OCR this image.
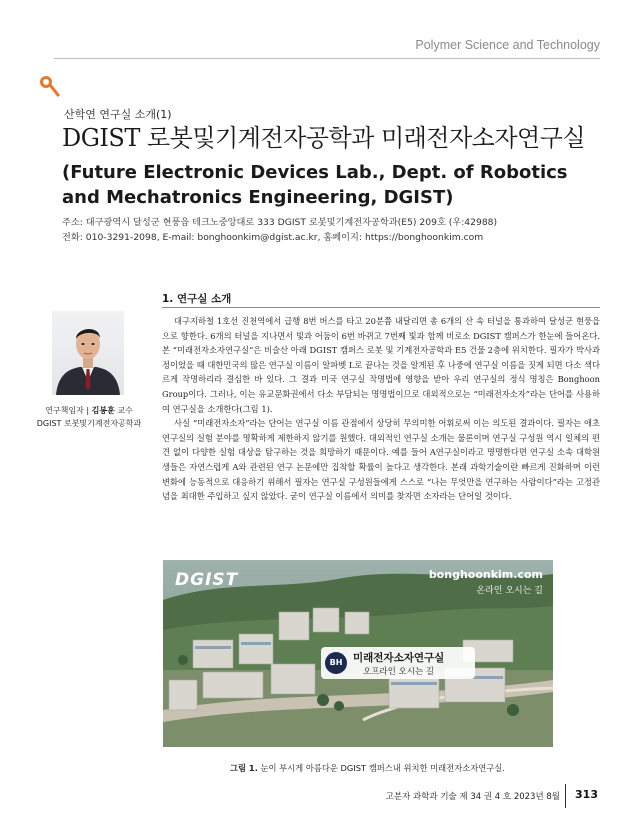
Polymer Science and Technology
산학연 연구실 소개(1)
DGIST 로봇및기계전자공학과 미래전자소자연구실
(Future Electronic Devices Lab., Dept. of Robotics and Mechatronics Engineering, DGIST)
주소: 대구광역시 달성군 현풍읍 테크노중앙대로 333 DGIST 로봇및기계전자공학과(E5) 209호 (우:42988)
전화: 010-3291-2098, E-mail: bonghoonkim@dgist.ac.kr, 홈페이지: https://bonghoonkim.com
1. 연구실 소개
연구책임자 | 김봉훈 교수
DGIST 로봇및기계전자공학과

대구지하철 1호선 진천역에서 급행 8번 버스를 타고 20분쯤 내달리면 총 6개의 산 속 터널을 통과하여 달성군 현풍읍으로 향한다. 6개의 터널을 지나면서 빛과 어둠이 6번 바뀌고 7번째 빛과 함께 비로소 DGIST 캠퍼스가 한눈에 들어온다. 본 “미래전자소자연구실”은 비슬산 아래 DGIST 캠퍼스 로봇 및 기계전자공학과 E5 건물 2층에 위치한다. 필자가 박사과정이었을 때 대한민국의 많은 연구실 이름이 알파벳 L로 끝나는 것을 알게된 후 나중에 연구실 이름을 짓게 되면 다소 색다르게 작명하리라 결심한 바 있다. 그 결과 미국 연구실 작명법에 영향을 받아 우리 연구실의 정식 명칭은 Bonghoon Group이다. 그러나, 이는 유교문화권에서 다소 부담되는 명명법이므로 대외적으로는 “미래전자소자”라는 단어를 사용하여 연구실을 소개한다(그림 1).

사실 “미래전자소자”라는 단어는 연구실 이름 관점에서 상당히 무의미한 어휘로써 이는 의도된 결과이다. 필자는 애초 연구실의 실험 분야를 명확하게 제한하지 않기를 원했다. 대외적인 연구실 소개는 물론이며 연구실 구성원 역시 일체의 편견 없이 다양한 실험 대상을 탐구하는 것을 희망하기 때문이다. 예를 들어 A연구실이라고 명명한다면 연구실 소속 대학원생들은 자연스럽게 A와 관련된 연구 논문에만 집착할 확률이 높다고 생각한다. 본래 과학기술이란 빠르게 진화하며 이런 변화에 능동적으로 대응하기 위해서 필자는 연구실 구성원들에게 스스로 “나는 무엇만을 연구하는 사람이다”라는 고정관념을 최대한 주입하고 싶지 않았다. 굳이 연구실 이름에서 의미를 찾자면 소자라는 단어일 것이다.

DGIST	bonghoonkim.com
온라인 오시는 길
BH	미래전자소자연구실
오프라인 오시는 길
그림 1. 눈이 부시게 아름다운 DGIST 캠퍼스내 위치한 미래전자소자연구실.
고분자 과학과 기술 제 34 권 4 호 2023년 8월 313
